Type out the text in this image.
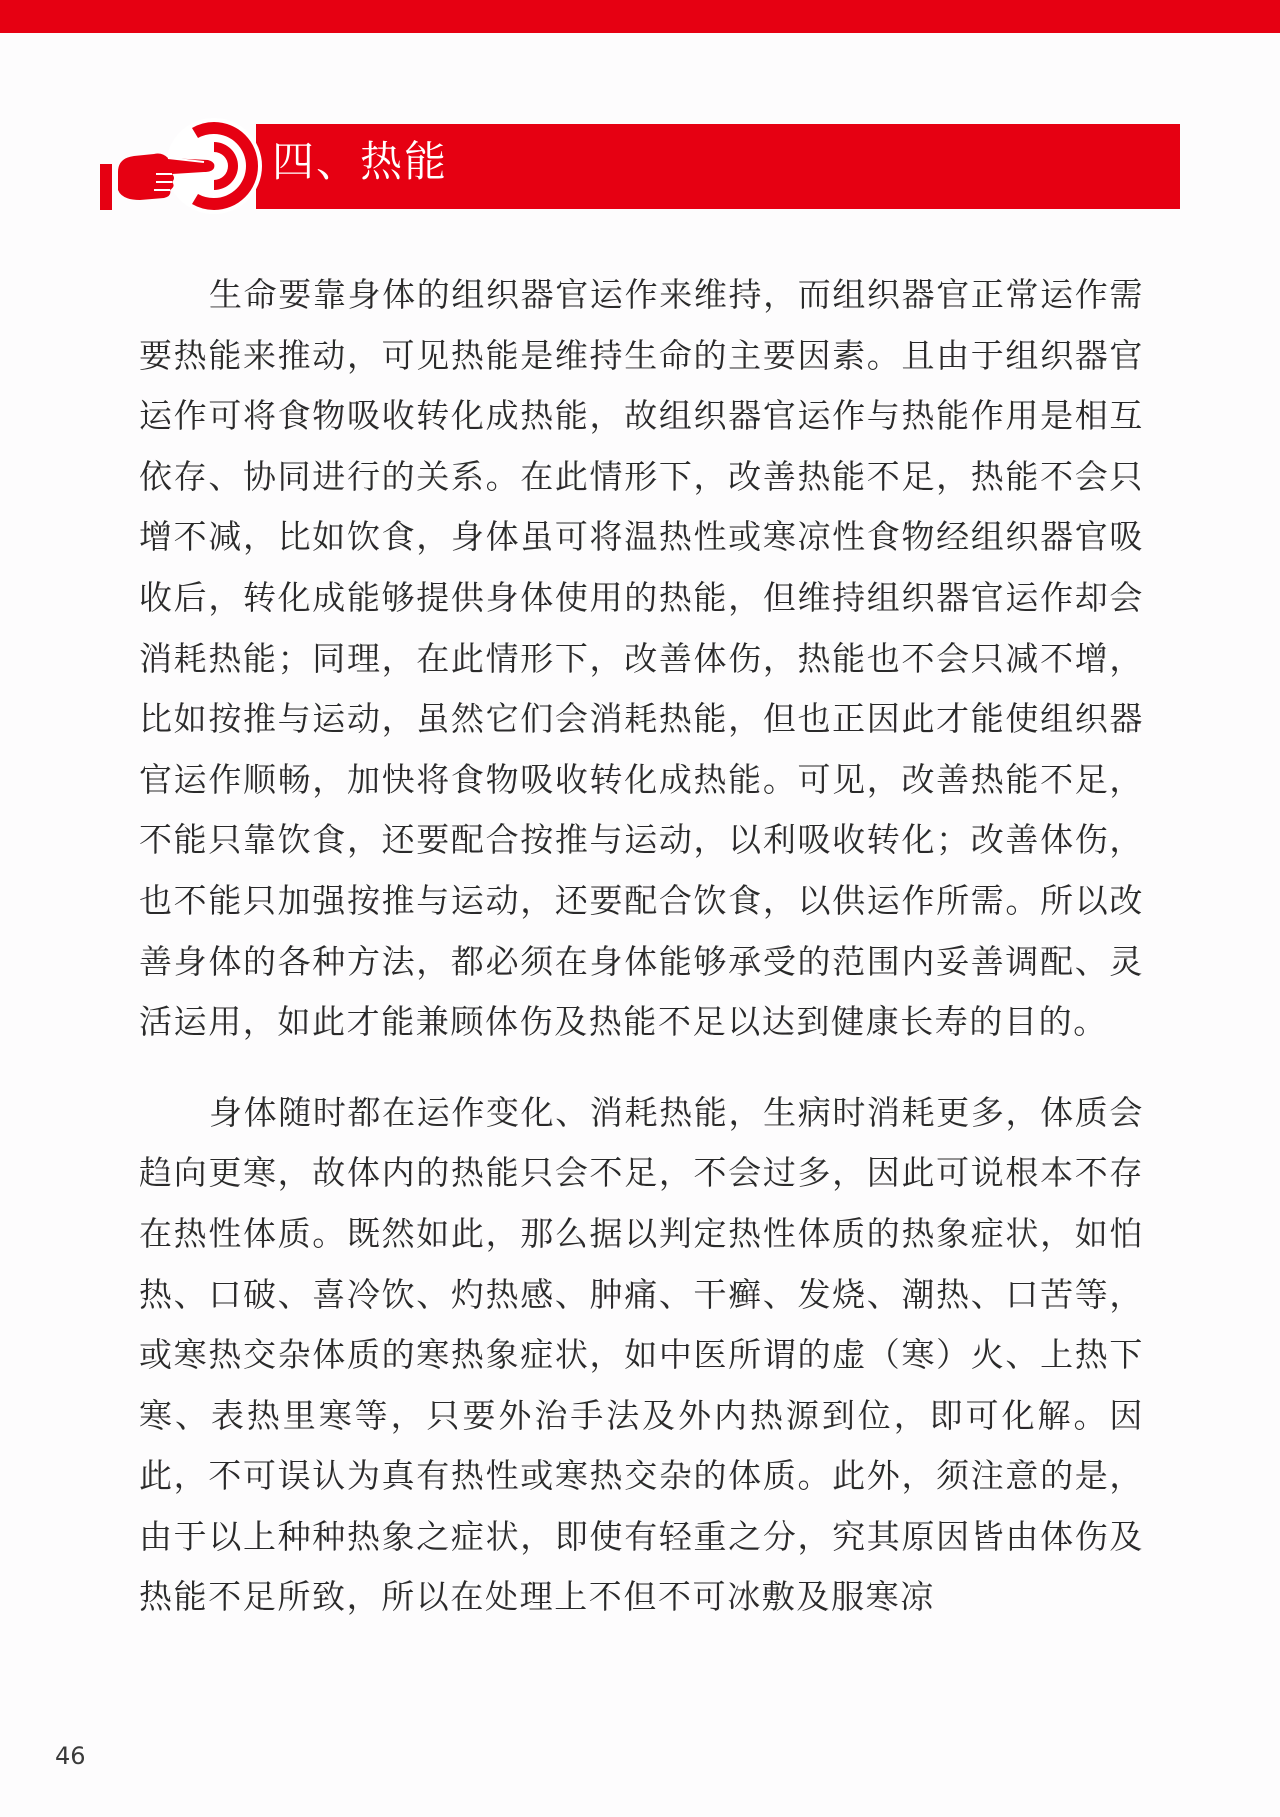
四、热能

生命要靠身体的组织器官运作来维持，而组织器官正常运作需要热能来推动，可见热能是维持生命的主要因素。且由于组织器官运作可将食物吸收转化成热能，故组织器官运作与热能作用是相互依存、协同进行的关系。在此情形下，改善热能不足，热能不会只增不减，比如饮食，身体虽可将温热性或寒凉性食物经组织器官吸收后，转化成能够提供身体使用的热能，但维持组织器官运作却会消耗热能；同理，在此情形下，改善体伤，热能也不会只减不增，比如按推与运动，虽然它们会消耗热能，但也正因此才能使组织器官运作顺畅，加快将食物吸收转化成热能。可见，改善热能不足，不能只靠饮食，还要配合按推与运动，以利吸收转化；改善体伤，也不能只加强按推与运动，还要配合饮食，以供运作所需。所以改善身体的各种方法，都必须在身体能够承受的范围内妥善调配、灵活运用，如此才能兼顾体伤及热能不足以达到健康长寿的目的。

身体随时都在运作变化、消耗热能，生病时消耗更多，体质会趋向更寒，故体内的热能只会不足，不会过多，因此可说根本不存在热性体质。既然如此，那么据以判定热性体质的热象症状，如怕热、口破、喜冷饮、灼热感、肿痛、干癣、发烧、潮热、口苦等，或寒热交杂体质的寒热象症状，如中医所谓的虚（寒）火、上热下寒、表热里寒等，只要外治手法及外内热源到位，即可化解。因此，不可误认为真有热性或寒热交杂的体质。此外，须注意的是，由于以上种种热象之症状，即使有轻重之分，究其原因皆由体伤及热能不足所致，所以在处理上不但不可冰敷及服寒凉

46
